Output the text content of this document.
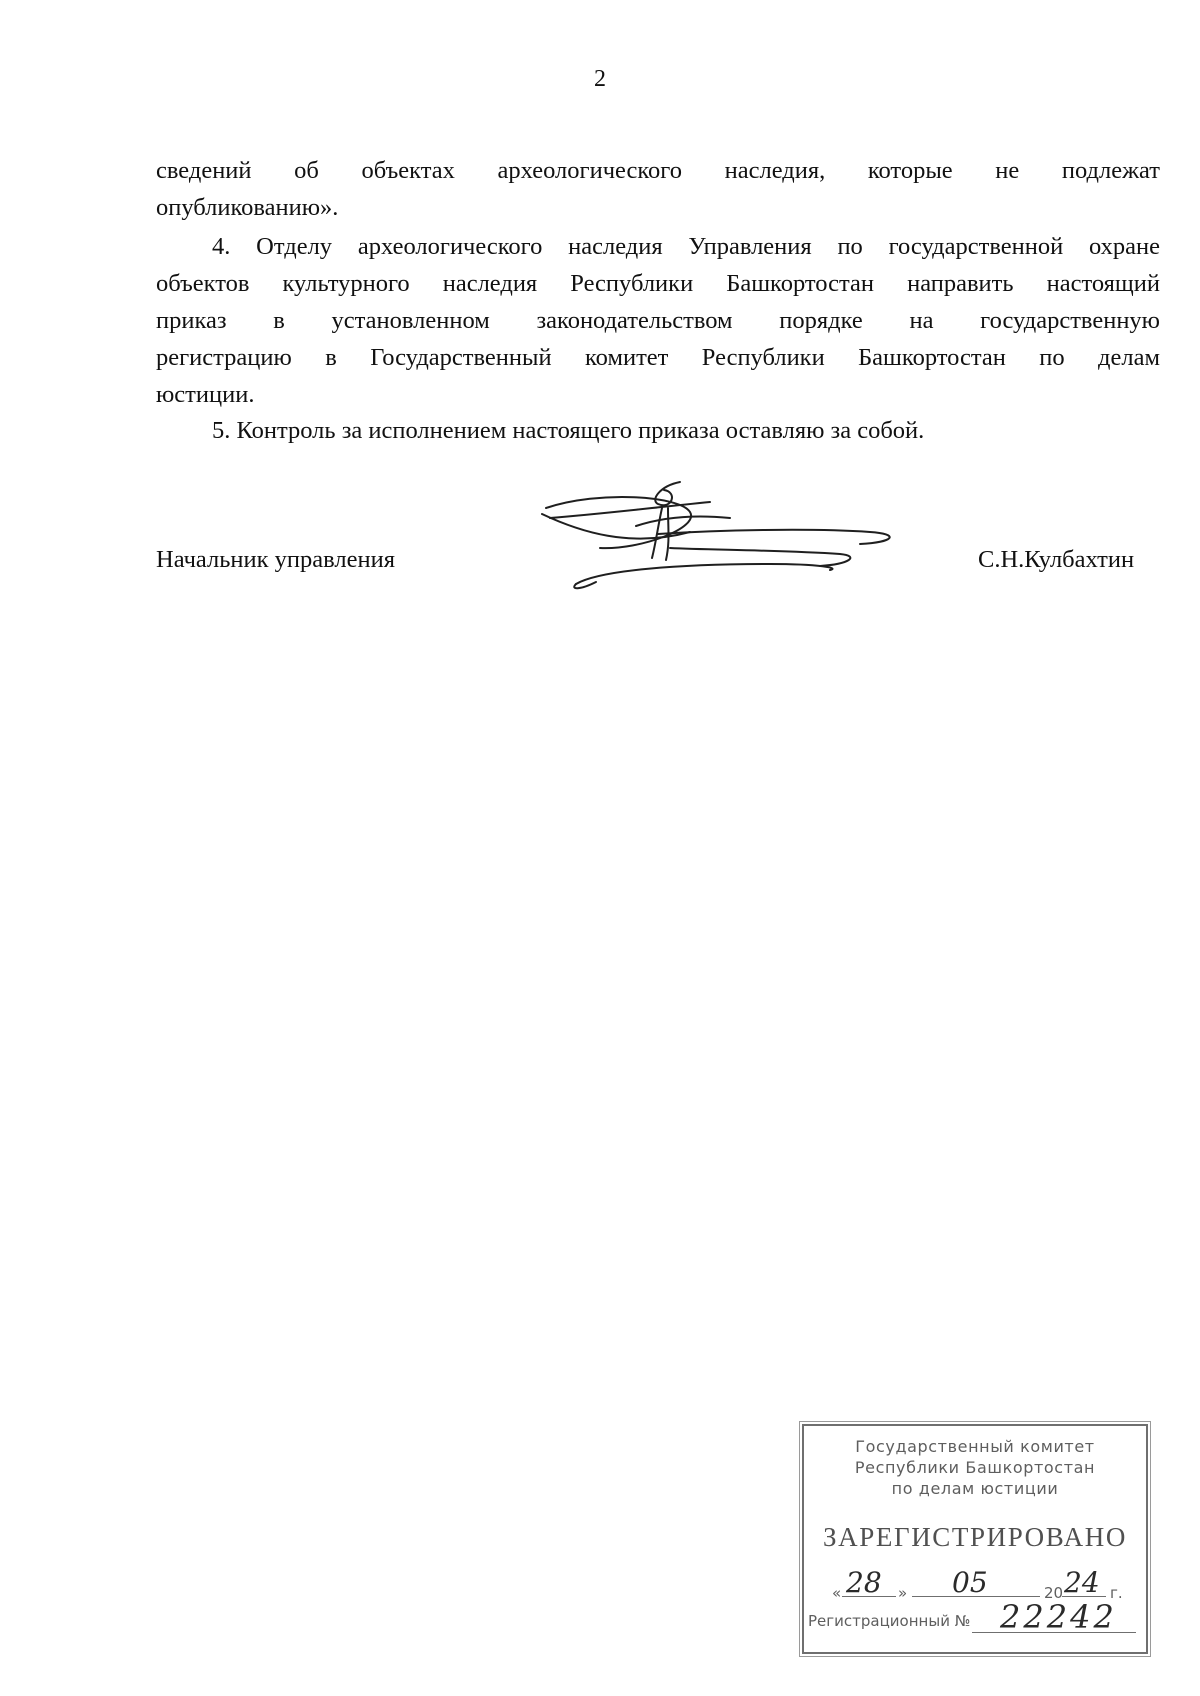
2
сведений об объектах археологического наследия, которые не подлежат
опубликованию».
4. Отделу археологического наследия Управления по государственной охране
объектов культурного наследия Республики Башкортостан направить настоящий
приказ в установленном законодательством порядке на государственную
регистрацию в Государственный комитет Республики Башкортостан по делам
юстиции.
5. Контроль за исполнением настоящего приказа оставляю за собой.
Начальник управления	С.Н.Кулбахтин
Государственный комитет
Республики Башкортостан
по делам юстиции
ЗАРЕГИСТРИРОВАНО
« 28 » 05	20 24 г.
Регистрационный № 22242
